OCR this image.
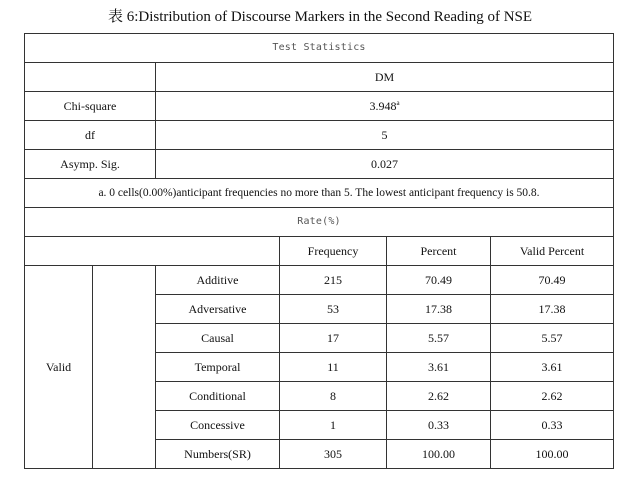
表 6:Distribution of Discourse Markers in the Second Reading of NSE
Test Statistics					
		DM			
Chi-square		3.948$^a$
df		5			
Asymp. Sig.		0.027			
a. 0 cells(0.00%)anticipant frequencies no more than 5. The lowest anticipant frequency is 50.8.					
Rate(%)					
			Frequency	Percent	Valid Percent
Valid		Additive	215	70.49	70.49
		Adversative	53	17.38	17.38
		Causal	17	5.57	5.57
		Temporal	11	3.61	3.61
		Conditional	8	2.62	2.62
		Concessive	1	0.33	0.33
		Numbers(SR)	305	100.00	100.00
